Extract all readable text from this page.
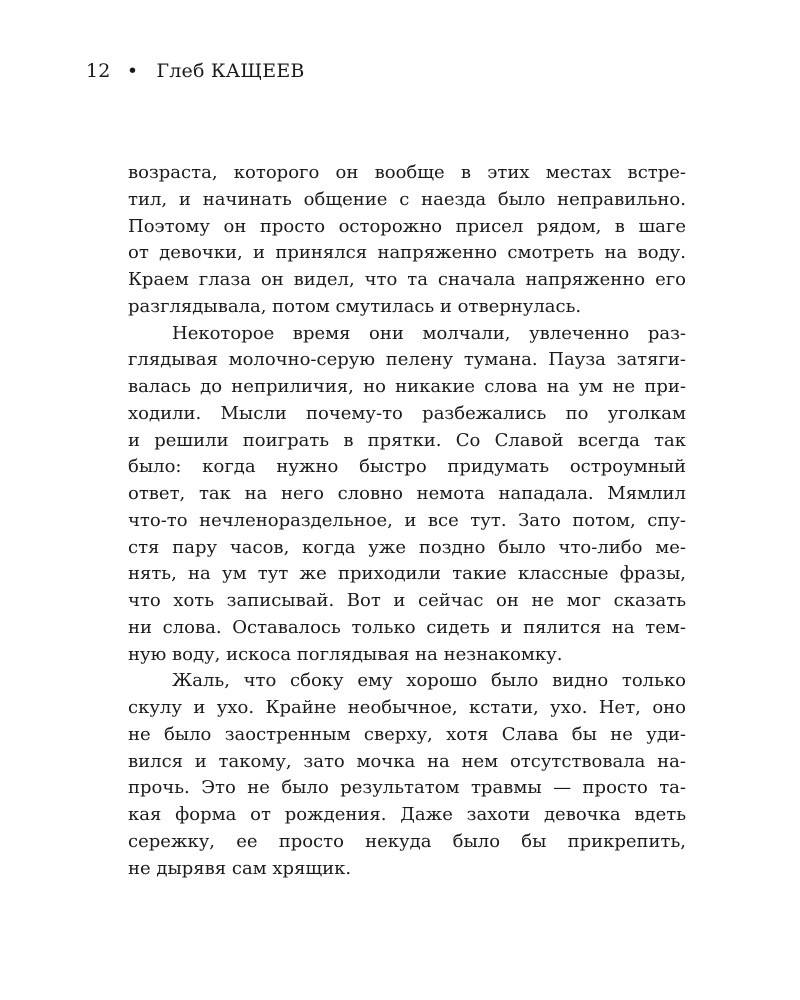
12 • Глеб КАЩЕЕВ
возраста, которого он вообще в этих местах встре-
тил, и начинать общение с наезда было неправильно.
Поэтому он просто осторожно присел рядом, в шаге
от девочки, и принялся напряженно смотреть на воду.
Краем глаза он видел, что та сначала напряженно его
разглядывала, потом смутилась и отвернулась.
Некоторое время они молчали, увлеченно раз-
глядывая молочно-серую пелену тумана. Пауза затяги-
валась до неприличия, но никакие слова на ум не при-
ходили. Мысли почему-то разбежались по уголкам
и решили поиграть в прятки. Со Славой всегда так
было: когда нужно быстро придумать остроумный
ответ, так на него словно немота нападала. Мямлил
что-то нечленораздельное, и все тут. Зато потом, спу-
стя пару часов, когда уже поздно было что-либо ме-
нять, на ум тут же приходили такие классные фразы,
что хоть записывай. Вот и сейчас он не мог сказать
ни слова. Оставалось только сидеть и пялится на тем-
ную воду, искоса поглядывая на незнакомку.
Жаль, что сбоку ему хорошо было видно только
скулу и ухо. Крайне необычное, кстати, ухо. Нет, оно
не было заостренным сверху, хотя Слава бы не уди-
вился и такому, зато мочка на нем отсутствовала на-
прочь. Это не было результатом травмы — просто та-
кая форма от рождения. Даже захоти девочка вдеть
сережку, ее просто некуда было бы прикрепить,
не дырявя сам хрящик.
